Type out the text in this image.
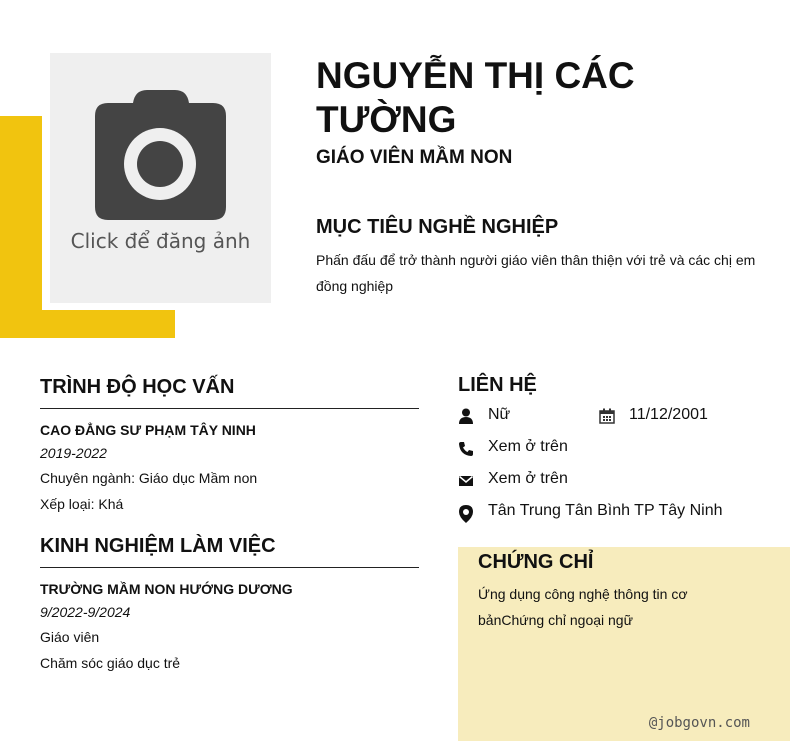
Click để đăng ảnh
NGUYỄN THỊ CÁC TƯỜNG
GIÁO VIÊN MẦM NON
MỤC TIÊU NGHỀ NGHIỆP

Phấn đấu để trở thành người giáo viên thân thiện với trẻ và các chị em đồng nghiệp

TRÌNH ĐỘ HỌC VẤN

CAO ĐẲNG SƯ PHẠM TÂY NINH

2019-2022

Chuyên ngành: Giáo dục Mầm non

Xếp loại: Khá

KINH NGHIỆM LÀM VIỆC

TRƯỜNG MẦM NON HƯỚNG DƯƠNG

9/2022-9/2024

Giáo viên

Chăm sóc giáo dục trẻ

LIÊN HỆ
Nữ	11/12/2001
Xem ở trên
Xem ở trên
Tân Trung Tân Bình TP Tây Ninh
CHỨNG CHỈ

Ứng dụng công nghệ thông tin cơ bảnChứng chỉ ngoại ngữ

@jobgovn.com
